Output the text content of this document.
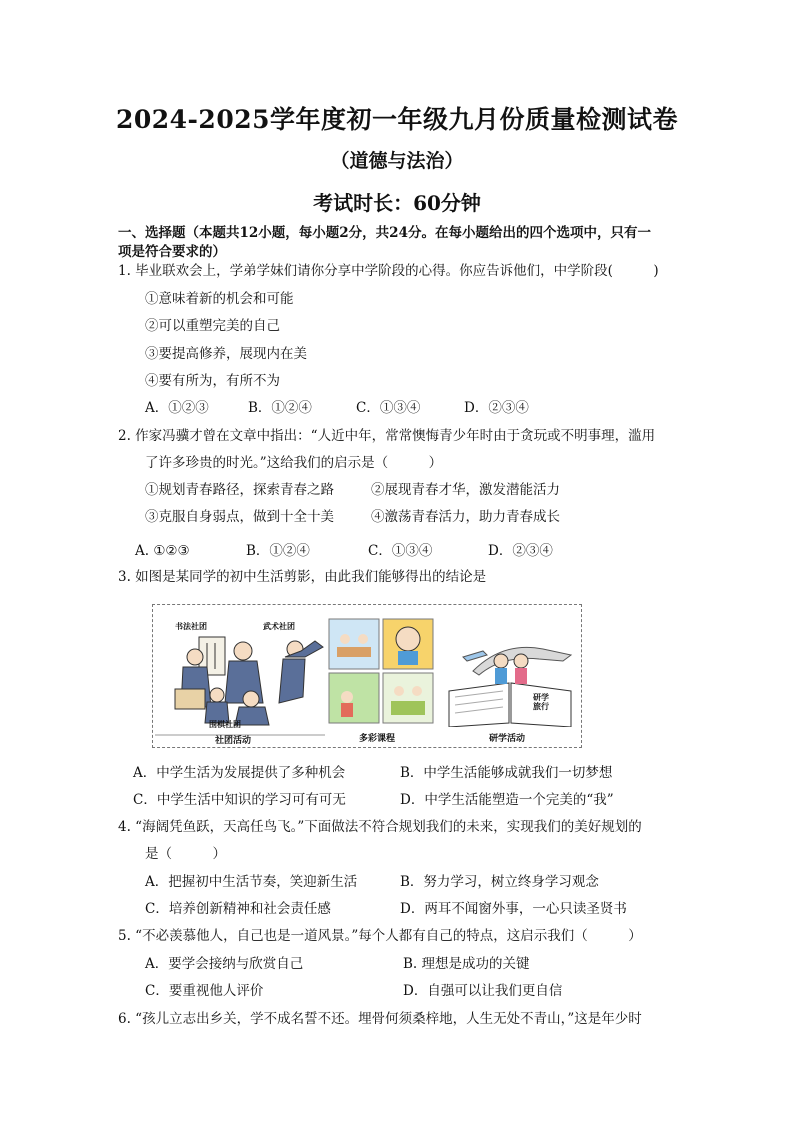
2024-2025学年度初一年级九月份质量检测试卷
（道德与法治）
考试时长：60分钟
一、选择题（本题共12小题，每小题2分，共24分。在每小题给出的四个选项中，只有一
项是符合要求的）
1. 毕业联欢会上，学弟学妹们请你分享中学阶段的心得。你应告诉他们，中学阶段(　　　)
①意味着新的机会和可能
②可以重塑完美的自己
③要提高修养，展现内在美
④要有所为，有所不为
A．①②③	B．①②④	C．①③④	D．②③④
2. 作家冯骥才曾在文章中指出：“人近中年，常常懊悔青少年时由于贪玩或不明事理，滥用
了许多珍贵的时光。”这给我们的启示是（　　　）
①规划青春路径，探索青春之路	②展现青春才华，激发潜能活力
③克服自身弱点，做到十全十美	④激荡青春活力，助力青春成长
A. ①②③	B．①②④	C．①③④	D．②③④
3. 如图是某同学的初中生活剪影，由此我们能够得出的结论是
书法社团	武术社团
围棋社团
社团活动	多彩课程
研学旅行
研学活动
A．中学生活为发展提供了多种机会	B．中学生活能够成就我们一切梦想
C．中学生活中知识的学习可有可无	D．中学生活能塑造一个完美的“我”
4. “海阔凭鱼跃，天高任鸟飞。”下面做法不符合规划我们的未来，实现我们的美好规划的
是（　　　）
A．把握初中生活节奏，笑迎新生活	B．努力学习，树立终身学习观念
C．培养创新精神和社会责任感	D．两耳不闻窗外事，一心只读圣贤书
5. “不必羡慕他人，自己也是一道风景。”每个人都有自己的特点，这启示我们（　　　）
A．要学会接纳与欣赏自己	B. 理想是成功的关键
C．要重视他人评价	D．自强可以让我们更自信
6. “孩儿立志出乡关，学不成名誓不还。埋骨何须桑梓地，人生无处不青山，”这是年少时
